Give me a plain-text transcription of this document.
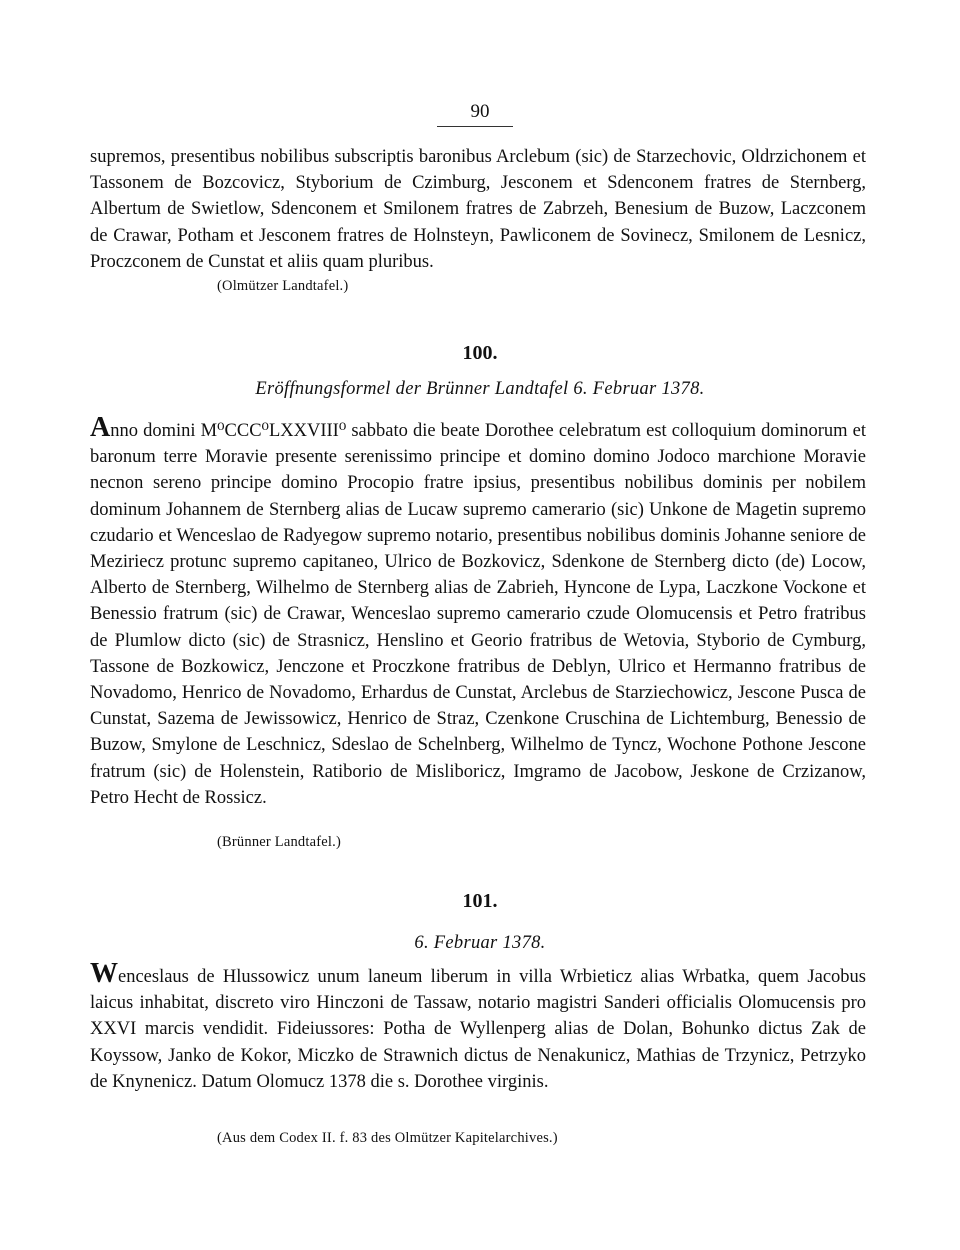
90

supremos, presentibus nobilibus subscriptis baronibus Arclebum (sic) de Starzechovic, Oldrzichonem et Tassonem de Bozcovicz, Styborium de Czimburg, Jesconem et Sdenconem fratres de Sternberg, Albertum de Swietlow, Sdenconem et Smilonem fratres de Zabrzeh, Benesium de Buzow, Laczconem de Crawar, Potham et Jesconem fratres de Holnsteyn, Pawliconem de Sovinecz, Smilonem de Lesnicz, Proczconem de Cunstat et aliis quam pluribus.

(Olmützer Landtafel.)

100.

Eröffnungsformel der Brünner Landtafel 6. Februar 1378.

Anno domini M⁰CCC⁰LXXVIII⁰ sabbato die beate Dorothee celebratum est colloquium dominorum et baronum terre Moravie presente serenissimo principe et domino domino Jodoco marchione Moravie necnon sereno principe domino Procopio fratre ipsius, presentibus nobilibus dominis per nobilem dominum Johannem de Sternberg alias de Lucaw supremo camerario (sic) Unkone de Magetin supremo czudario et Wenceslao de Radyegow supremo notario, presentibus nobilibus dominis Johanne seniore de Meziriecz protunc supremo capitaneo, Ulrico de Bozkovicz, Sdenkone de Sternberg dicto (de) Locow, Alberto de Sternberg, Wilhelmo de Sternberg alias de Zabrieh, Hyncone de Lypa, Laczkone Vockone et Benessio fratrum (sic) de Crawar, Wenceslao supremo camerario czude Olomucensis et Petro fratribus de Plumlow dicto (sic) de Strasnicz, Henslino et Georio fratribus de Wetovia, Styborio de Cymburg, Tassone de Bozkowicz, Jenczone et Proczkone fratribus de Deblyn, Ulrico et Hermanno fratribus de Novadomo, Henrico de Novadomo, Erhardus de Cunstat, Arclebus de Starziechowicz, Jescone Pusca de Cunstat, Sazema de Jewissowicz, Henrico de Straz, Czenkone Cruschina de Lichtemburg, Benessio de Buzow, Smylone de Leschnicz, Sdeslao de Schelnberg, Wilhelmo de Tyncz, Wochone Pothone Jescone fratrum (sic) de Holenstein, Ratiborio de Misliboricz, Imgramo de Jacobow, Jeskone de Crzizanow, Petro Hecht de Rossicz.

(Brünner Landtafel.)

101.

6. Februar 1378.

Wenceslaus de Hlussowicz unum laneum liberum in villa Wrbieticz alias Wrbatka, quem Jacobus laicus inhabitat, discreto viro Hinczoni de Tassaw, notario magistri Sanderi officialis Olomucensis pro XXVI marcis vendidit. Fideiussores: Potha de Wyllenperg alias de Dolan, Bohunko dictus Zak de Koyssow, Janko de Kokor, Miczko de Strawnich dictus de Nenakunicz, Mathias de Trzynicz, Petrzyko de Knynenicz. Datum Olomucz 1378 die s. Dorothee virginis.

(Aus dem Codex II. f. 83 des Olmützer Kapitelarchives.)
